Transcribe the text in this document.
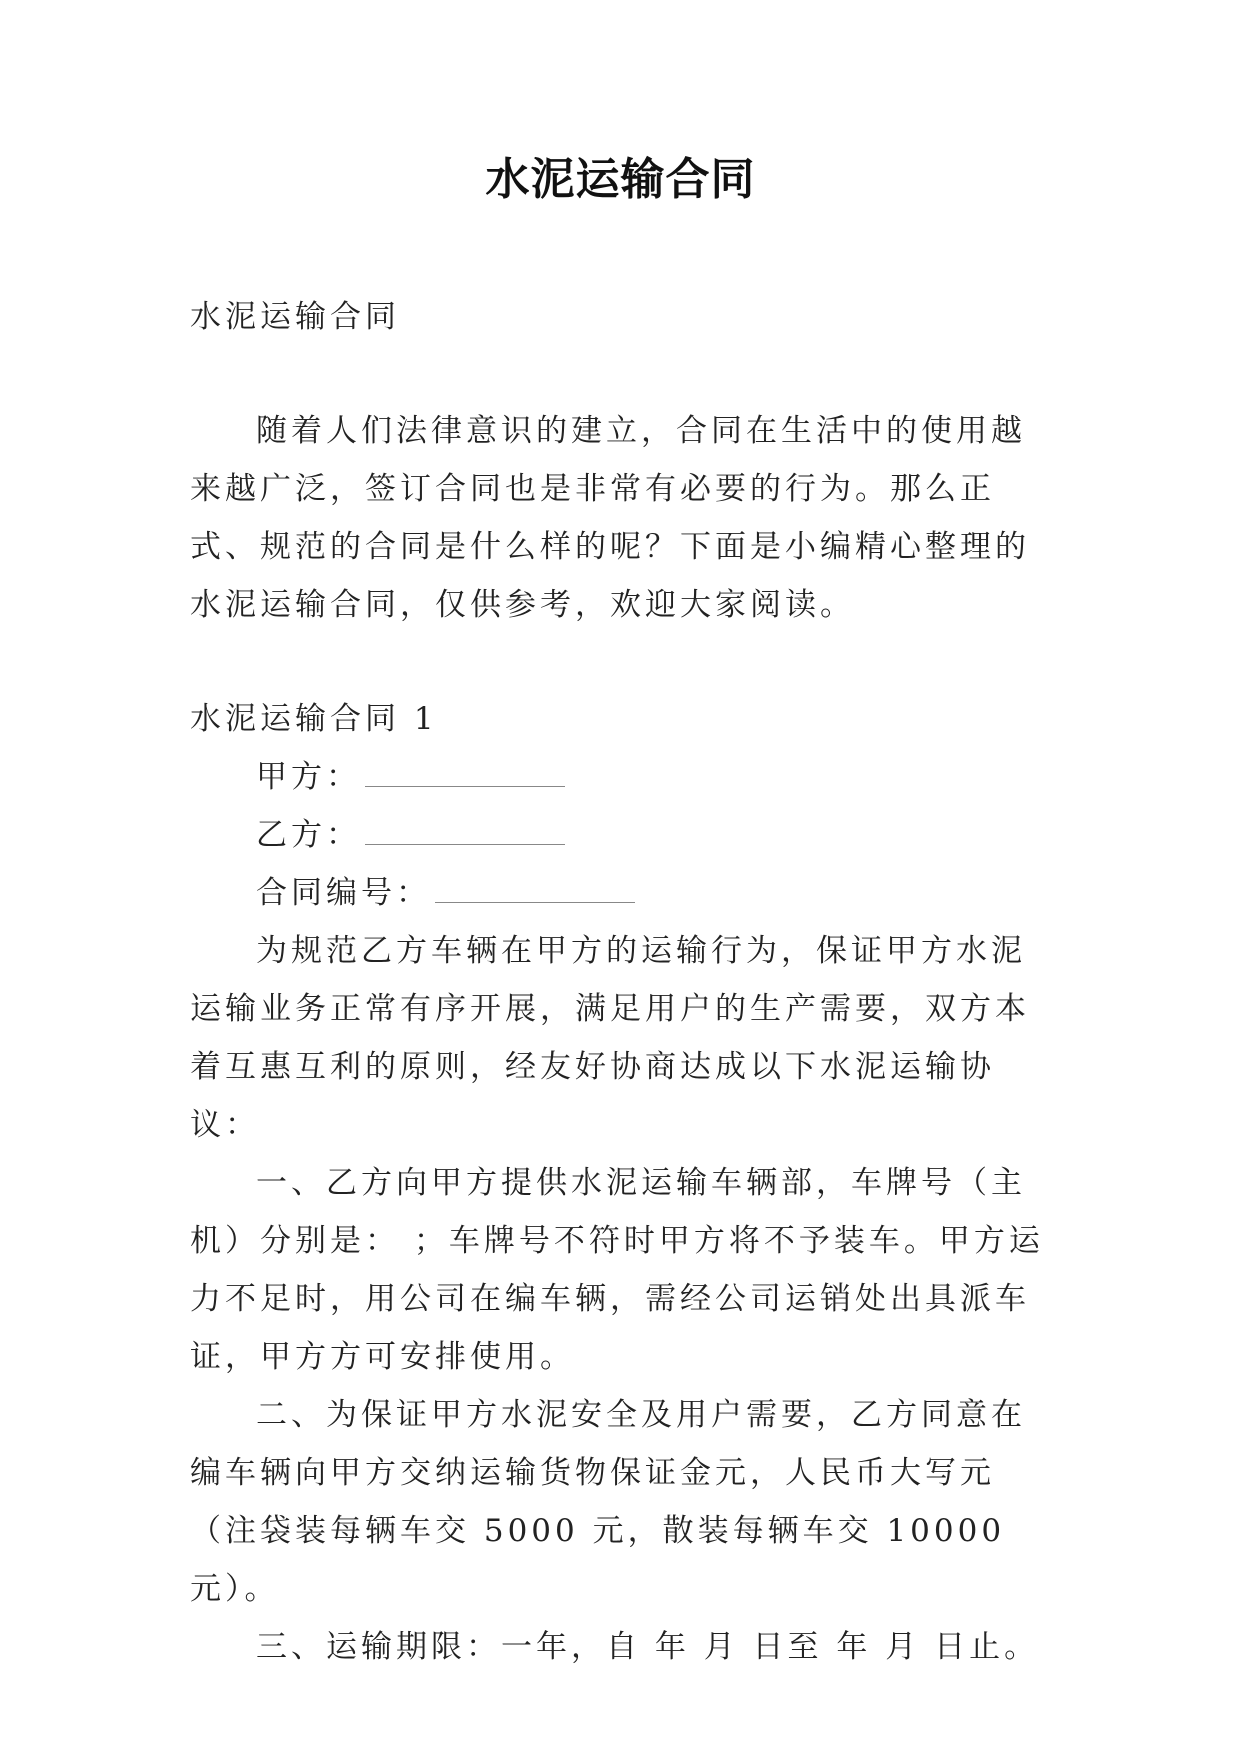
水泥运输合同

水泥运输合同

随着人们法律意识的建立，合同在生活中的使用越来越广泛，签订合同也是非常有必要的行为。那么正式、规范的合同是什么样的呢？下面是小编精心整理的水泥运输合同，仅供参考，欢迎大家阅读。

水泥运输合同 1

甲方：

乙方：

合同编号：

为规范乙方车辆在甲方的运输行为，保证甲方水泥运输业务正常有序开展，满足用户的生产需要，双方本着互惠互利的原则，经友好协商达成以下水泥运输协议：

一、乙方向甲方提供水泥运输车辆部，车牌号（主机）分别是： ；车牌号不符时甲方将不予装车。甲方运力不足时，用公司在编车辆，需经公司运销处出具派车证，甲方方可安排使用。

二、为保证甲方水泥安全及用户需要，乙方同意在编车辆向甲方交纳运输货物保证金元，人民币大写元（注袋装每辆车交 5000 元，散装每辆车交 10000 元）。

三、运输期限：一年，自 年 月 日至 年 月 日止。
